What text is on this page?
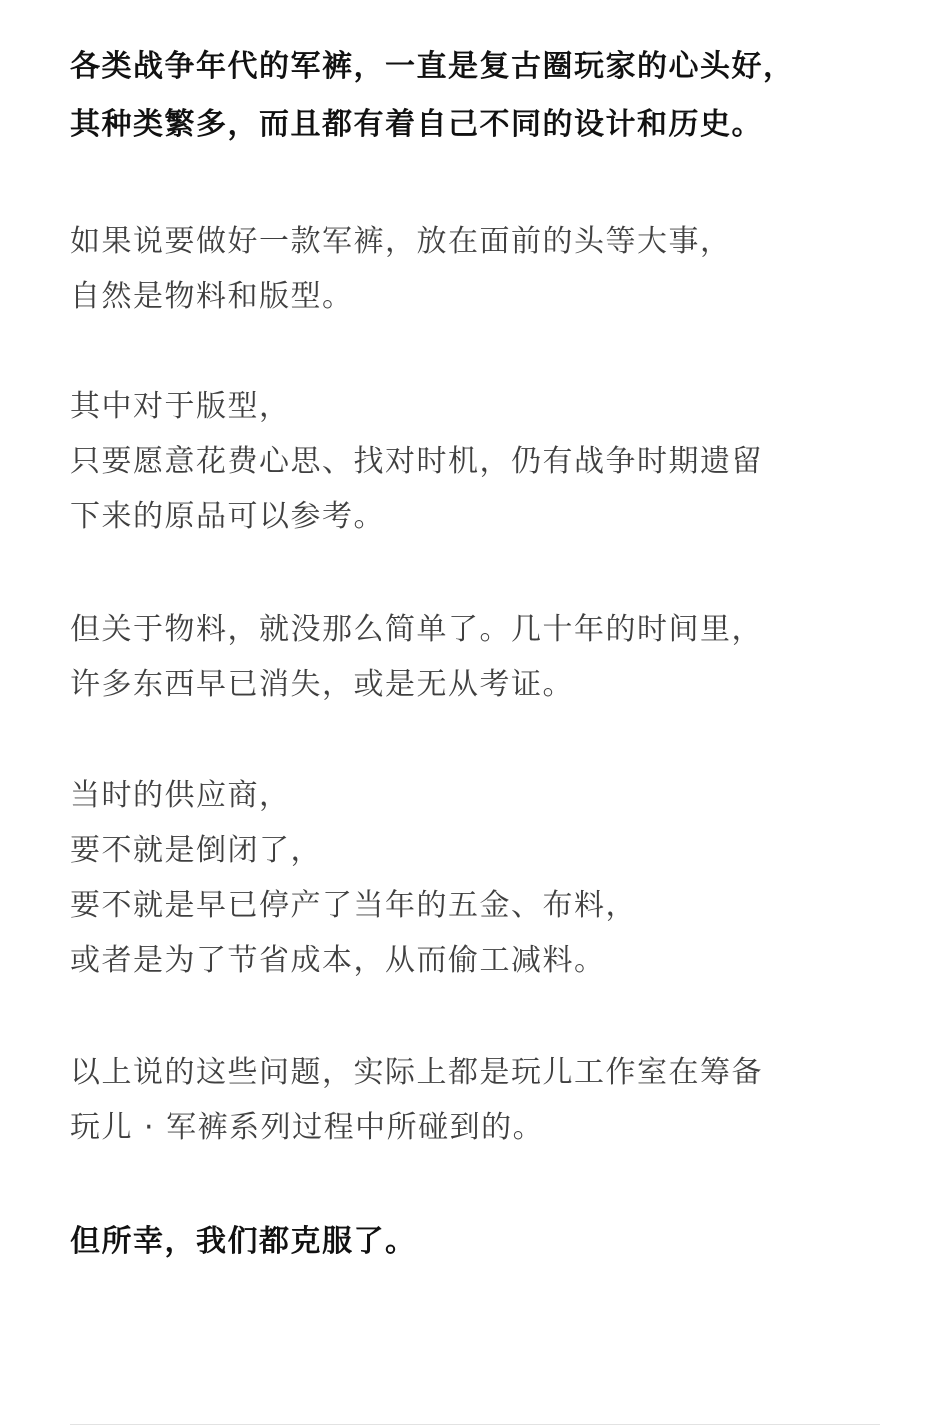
各类战争年代的军裤，一直是复古圈玩家的心头好，
其种类繁多，而且都有着自己不同的设计和历史。
如果说要做好一款军裤，放在面前的头等大事，
自然是物料和版型。
其中对于版型，
只要愿意花费心思、找对时机，仍有战争时期遗留
下来的原品可以参考。
但关于物料，就没那么简单了。几十年的时间里，
许多东西早已消失，或是无从考证。
当时的供应商，
要不就是倒闭了，
要不就是早已停产了当年的五金、布料，
或者是为了节省成本，从而偷工减料。
以上说的这些问题，实际上都是玩儿工作室在筹备
玩儿 · 军裤系列过程中所碰到的。
但所幸，我们都克服了。
